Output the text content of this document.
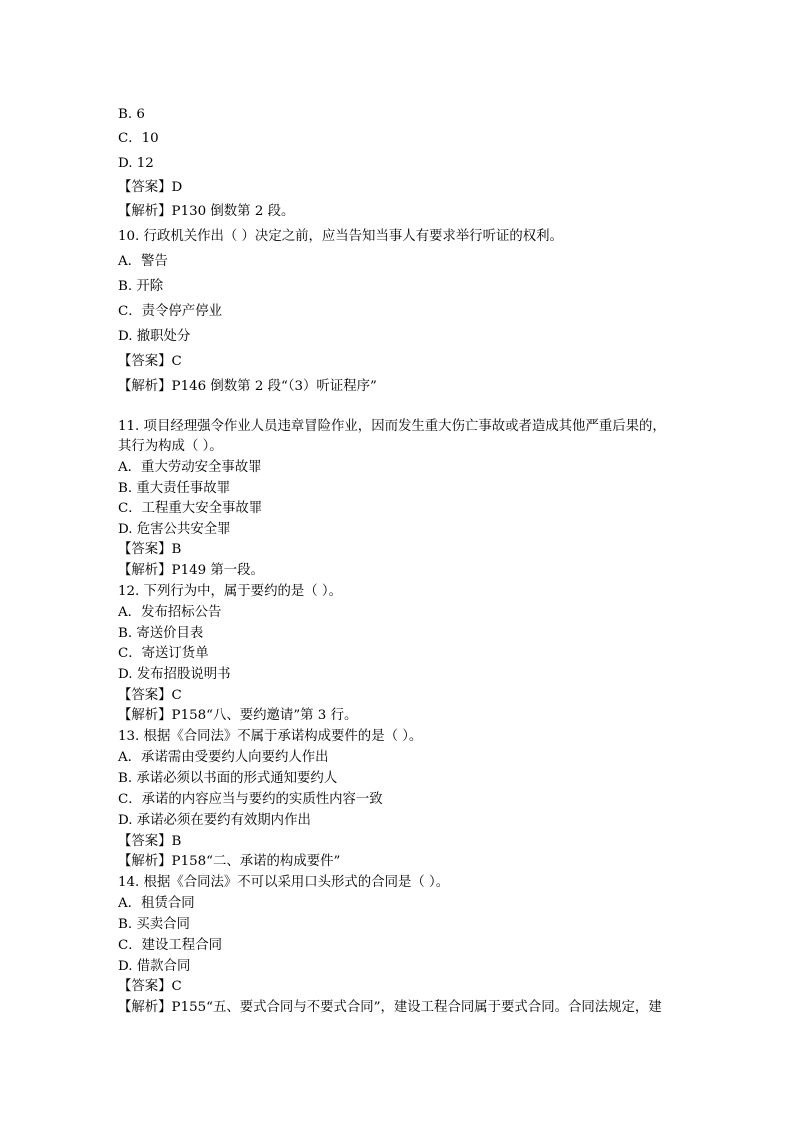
B. 6
C．10
D. 12
【答案】D
【解析】P130 倒数第 2 段。
10. 行政机关作出（ ）决定之前，应当告知当事人有要求举行听证的权利。
A．警告
B. 开除
C．责令停产停业
D. 撤职处分
【答案】C
【解析】P146 倒数第 2 段“（3）听证程序”
11. 项目经理强令作业人员违章冒险作业，因而发生重大伤亡事故或者造成其他严重后果的，
其行为构成（ ）。
A．重大劳动安全事故罪
B. 重大责任事故罪
C．工程重大安全事故罪
D. 危害公共安全罪
【答案】B
【解析】P149 第一段。
12. 下列行为中，属于要约的是（ ）。
A．发布招标公告
B. 寄送价目表
C．寄送订货单
D. 发布招股说明书
【答案】C
【解析】P158“八、要约邀请”第 3 行。
13. 根据《合同法》不属于承诺构成要件的是（ ）。
A．承诺需由受要约人向要约人作出
B. 承诺必须以书面的形式通知要约人
C．承诺的内容应当与要约的实质性内容一致
D. 承诺必须在要约有效期内作出
【答案】B
【解析】P158“二、承诺的构成要件”
14. 根据《合同法》不可以采用口头形式的合同是（ ）。
A．租赁合同
B. 买卖合同
C．建设工程合同
D. 借款合同
【答案】C
【解析】P155“五、要式合同与不要式合同”，建设工程合同属于要式合同。合同法规定，建
